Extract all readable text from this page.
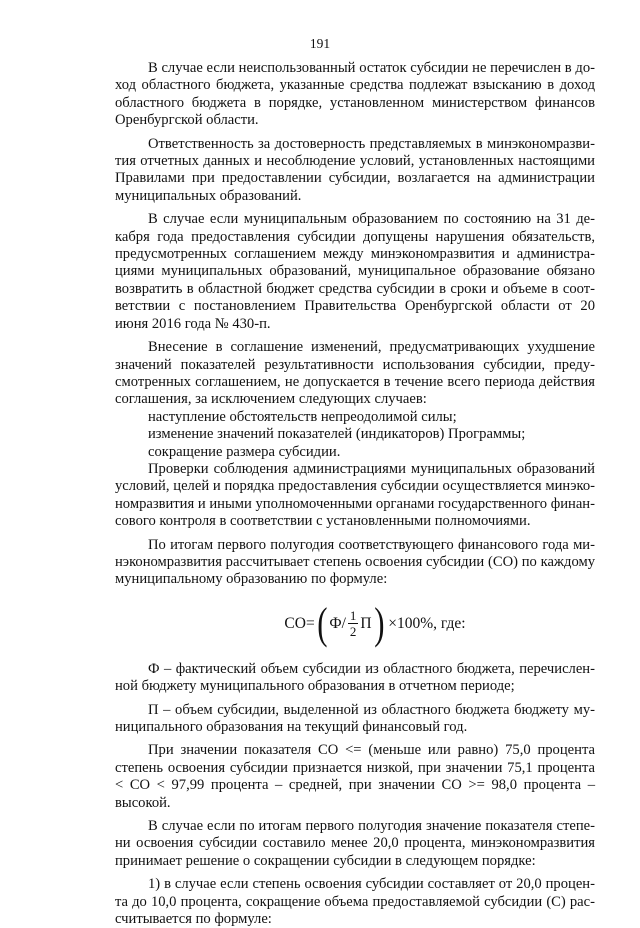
191

В случае если неиспользованный остаток субсидии не перечислен в доход областного бюджета, указанные средства подлежат взысканию в доход областного бюджета в порядке, установленном министерством финансов Оренбургской области.

Ответственность за достоверность представляемых в минэкономразвития отчетных данных и несоблюдение условий, установленных настоящими Правилами при предоставлении субсидии, возлагается на администрации муниципальных образований.

В случае если муниципальным образованием по состоянию на 31 декабря года предоставления субсидии допущены нарушения обязательств, предусмотренных соглашением между минэкономразвития и администрациями муниципальных образований, муниципальное образование обязано возвратить в областной бюджет средства субсидии в сроки и объеме в соответствии с постановлением Правительства Оренбургской области от 20 июня 2016 года № 430-п.

Внесение в соглашение изменений, предусматривающих ухудшение значений показателей результативности использования субсидии, предусмотренных соглашением, не допускается в течение всего периода действия соглашения, за исключением следующих случаев:

наступление обстоятельств непреодолимой силы;

изменение значений показателей (индикаторов) Программы;

сокращение размера субсидии.

Проверки соблюдения администрациями муниципальных образований условий, целей и порядка предоставления субсидии осуществляется минэкономразвития и иными уполномоченными органами государственного финансового контроля в соответствии с установленными полномочиями.

По итогам первого полугодия соответствующего финансового года минэкономразвития рассчитывает степень освоения субсидии (СО) по каждому муниципальному образованию по формуле:

СО= ( $Ф/ \frac{1}{2}$ П ) ×100%, где:

Ф – фактический объем субсидии из областного бюджета, перечисленной бюджету муниципального образования в отчетном периоде;

П – объем субсидии, выделенной из областного бюджета бюджету муниципального образования на текущий финансовый год.

При значении показателя СО <= (меньше или равно) 75,0 процента степень освоения субсидии признается низкой, при значении 75,1 процента < СО < 97,99 процента – средней, при значении СО >= 98,0 процента – высокой.

В случае если по итогам первого полугодия значение показателя степени освоения субсидии составило менее 20,0 процента, минэкономразвития принимает решение о сокращении субсидии в следующем порядке:

1) в случае если степень освоения субсидии составляет от 20,0 процента до 10,0 процента, сокращение объема предоставляемой субсидии (С) рассчитывается по формуле:
